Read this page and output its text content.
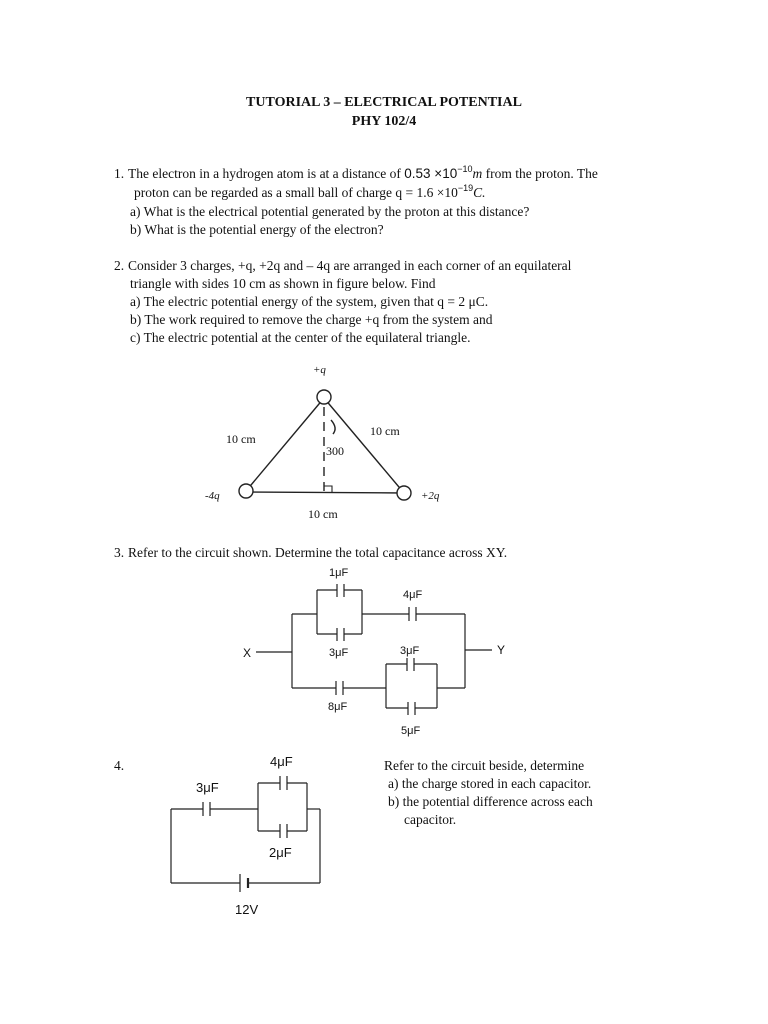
TUTORIAL 3 – ELECTRICAL POTENTIAL
PHY 102/4
1. The electron in a hydrogen atom is at a distance of $0.53 \times 10^{-10}m$ from the proton. The
proton can be regarded as a small ball of charge $q = 1.6 \times 10^{-19}C$.
a) What is the electrical potential generated by the proton at this distance?
b) What is the potential energy of the electron?
2. Consider 3 charges, +q, +2q and – 4q are arranged in each corner of an equilateral
triangle with sides 10 cm as shown in figure below. Find
a) The electric potential energy of the system, given that q = 2 μC.
b) The work required to remove the charge +q from the system and
c) The electric potential at the center of the equilateral triangle.
+q
-4q	+2q
10 cm
10 cm
10 cm
300
3. Refer to the circuit shown. Determine the total capacitance across XY.
X	Y
1μF
3μF
4μF
3μF
8μF
5μF
4.	Refer to the circuit beside, determine
a) the charge stored in each capacitor.
b) the potential difference across each
capacitor.
3μF
4μF
2μF
12V
